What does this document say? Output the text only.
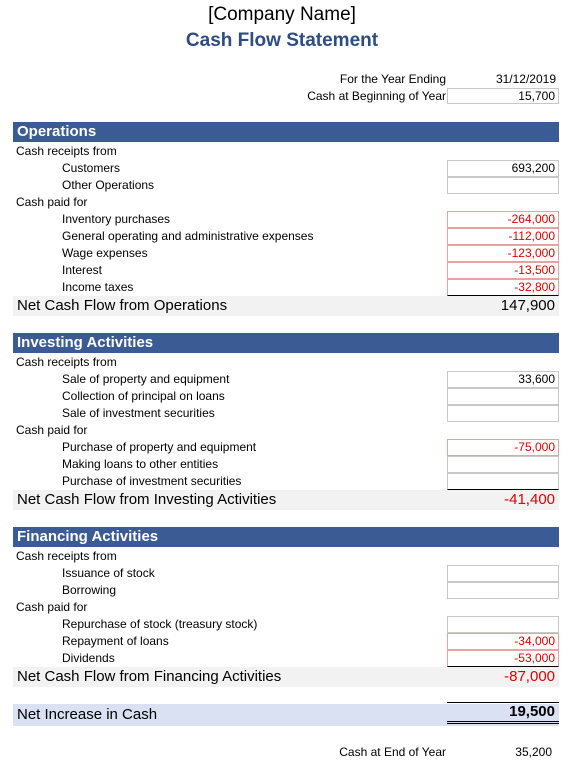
[Company Name]
Cash Flow Statement
For the Year Ending	31/12/2019
Cash at Beginning of Year	15,700
Operations
Cash receipts from
Customers	693,200
Other Operations
Cash paid for
Inventory purchases	-264,000
General operating and administrative expenses	-112,000
Wage expenses	-123,000
Interest	-13,500
Income taxes	-32,800
Net Cash Flow from Operations	147,900
Investing Activities
Cash receipts from
Sale of property and equipment	33,600
Collection of principal on loans
Sale of investment securities
Cash paid for
Purchase of property and equipment	-75,000
Making loans to other entities
Purchase of investment securities
Net Cash Flow from Investing Activities	-41,400
Financing Activities
Cash receipts from
Issuance of stock
Borrowing
Cash paid for
Repurchase of stock (treasury stock)
Repayment of loans	-34,000
Dividends	-53,000
Net Cash Flow from Financing Activities	-87,000
Net Increase in Cash	19,500
Cash at End of Year	35,200
